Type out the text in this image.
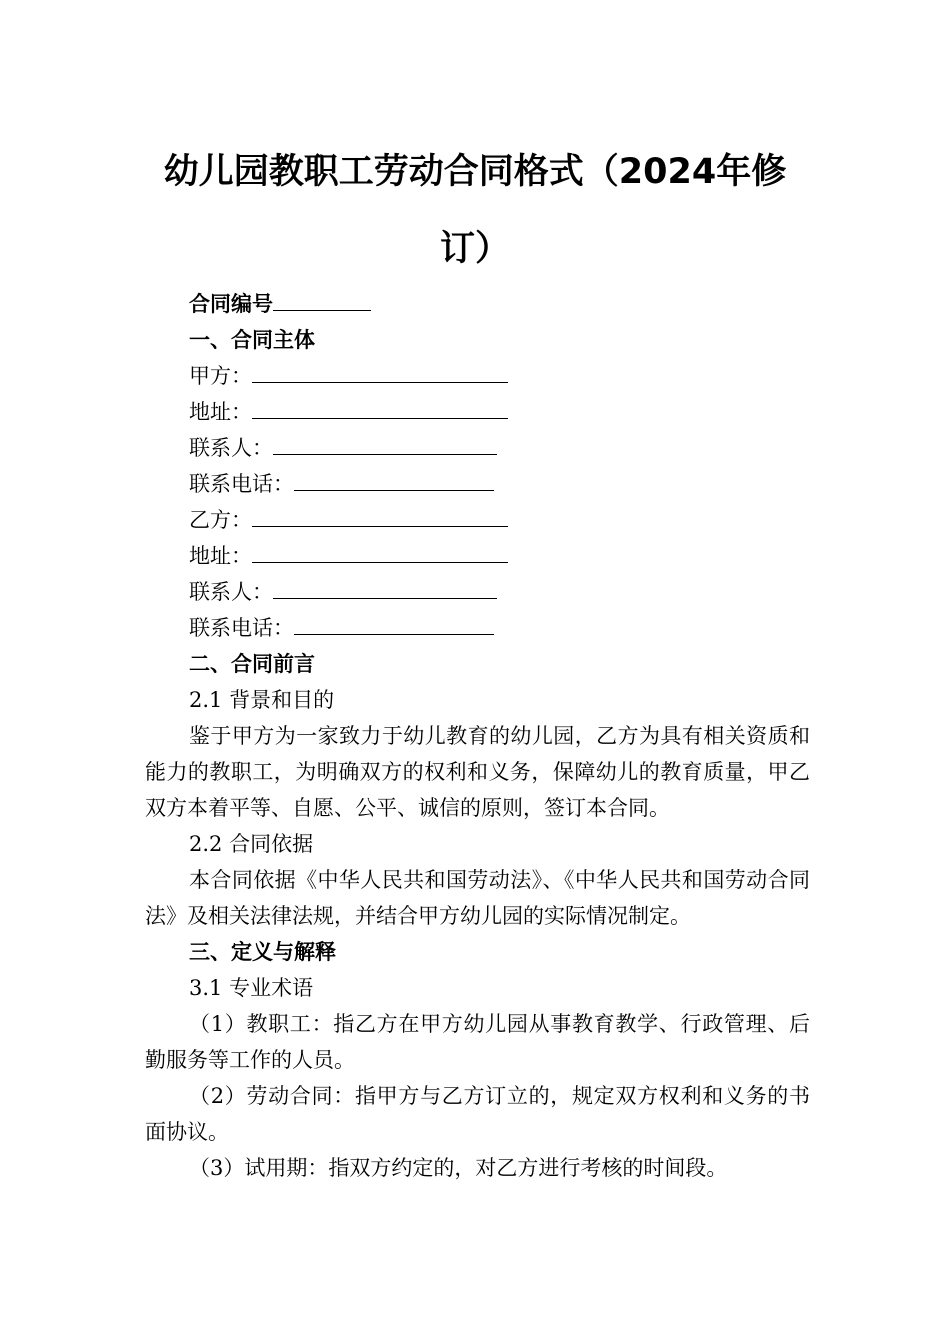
幼儿园教职工劳动合同格式（2024年修
订）
合同编号
一、合同主体
甲方：
地址：
联系人：
联系电话：
乙方：
地址：
联系人：
联系电话：
二、合同前言
2.1 背景和目的
鉴于甲方为一家致力于幼儿教育的幼儿园，乙方为具有相关资质和能力的教职工，为明确双方的权利和义务，保障幼儿的教育质量，甲乙双方本着平等、自愿、公平、诚信的原则，签订本合同。
2.2 合同依据
本合同依据《中华人民共和国劳动法》、《中华人民共和国劳动合同法》及相关法律法规，并结合甲方幼儿园的实际情况制定。
三、定义与解释
3.1 专业术语
（1）教职工：指乙方在甲方幼儿园从事教育教学、行政管理、后勤服务等工作的人员。
（2）劳动合同：指甲方与乙方订立的，规定双方权利和义务的书面协议。
（3）试用期：指双方约定的，对乙方进行考核的时间段。
